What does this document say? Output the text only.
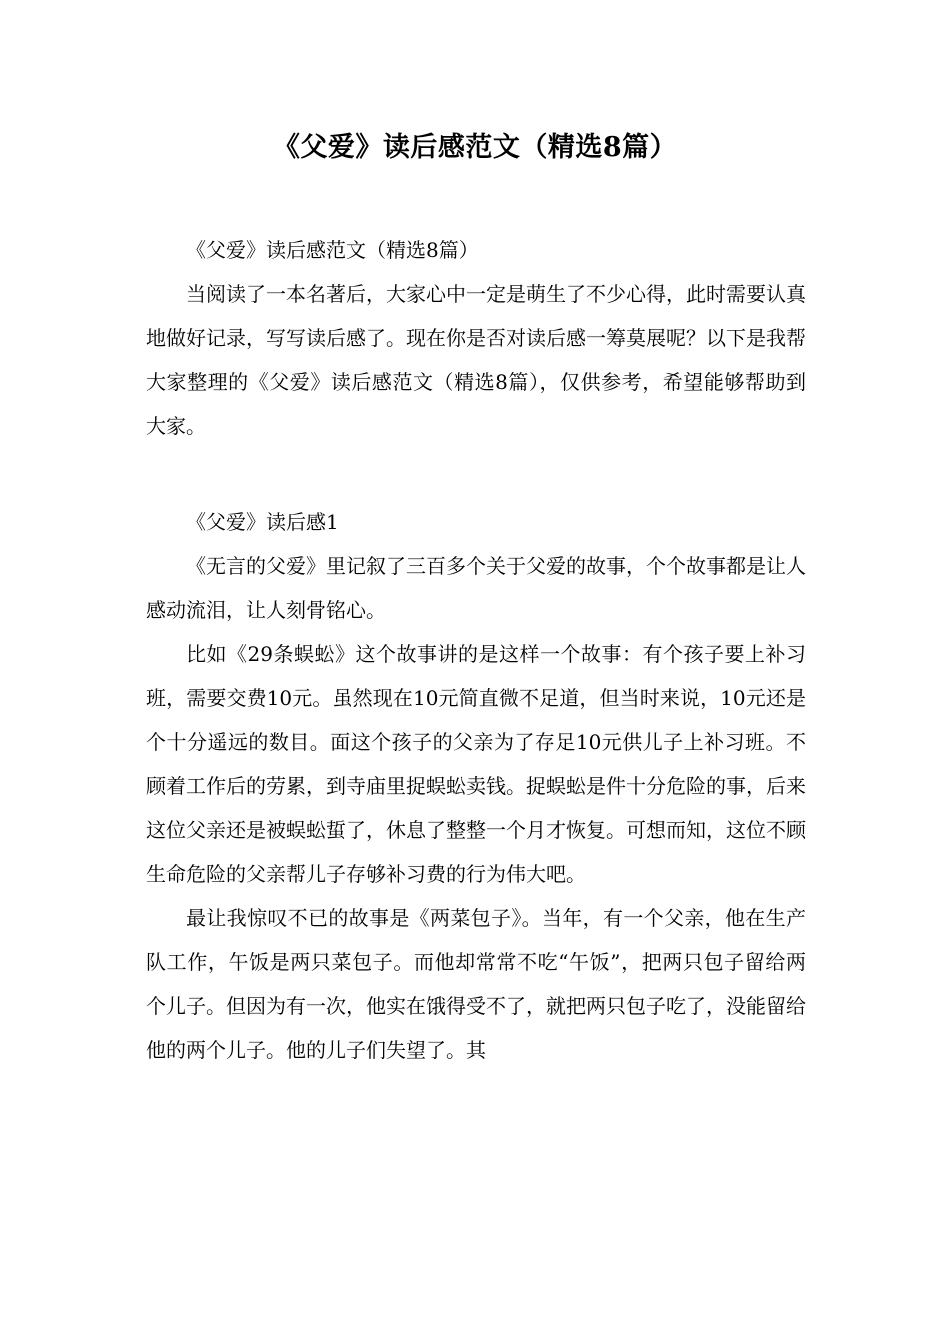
《父爱》读后感范文（精选8篇）

《父爱》读后感范文（精选8篇）

当阅读了一本名著后，大家心中一定是萌生了不少心得，此时需要认真地做好记录，写写读后感了。现在你是否对读后感一筹莫展呢？以下是我帮大家整理的《父爱》读后感范文（精选8篇），仅供参考，希望能够帮助到大家。

《父爱》读后感1

《无言的父爱》里记叙了三百多个关于父爱的故事，个个故事都是让人感动流泪，让人刻骨铭心。

比如《29条蜈蚣》这个故事讲的是这样一个故事：有个孩子要上补习班，需要交费10元。虽然现在10元简直微不足道，但当时来说，10元还是个十分遥远的数目。面这个孩子的父亲为了存足10元供儿子上补习班。不顾着工作后的劳累，到寺庙里捉蜈蚣卖钱。捉蜈蚣是件十分危险的事，后来这位父亲还是被蜈蚣蜇了，休息了整整一个月才恢复。可想而知，这位不顾生命危险的父亲帮儿子存够补习费的行为伟大吧。

最让我惊叹不已的故事是《两菜包子》。当年，有一个父亲，他在生产队工作，午饭是两只菜包子。而他却常常不吃“午饭”，把两只包子留给两个儿子。但因为有一次，他实在饿得受不了，就把两只包子吃了，没能留给他的两个儿子。他的儿子们失望了。其
